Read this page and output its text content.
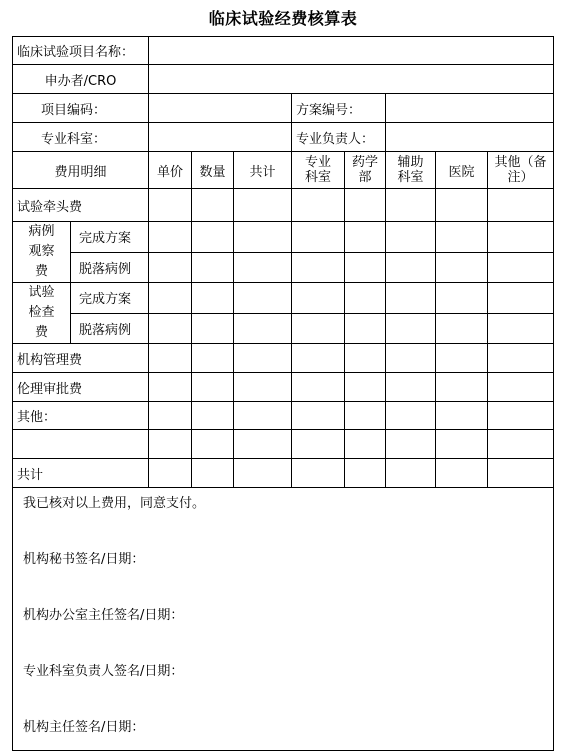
临床试验经费核算表
临床试验项目名称：									
申办者/CRO									
项目编码：					方案编号：				
专业科室：					专业负责人：				
费用明细		单价	数量	共计	专业科室	药学部	辅助科室	医院	其他（备注）
试验牵头费									
病例观察费	完成方案								
	脱落病例								
试验检查费	完成方案								
	脱落病例								
机构管理费									
伦理审批费									
其他：									

共计									

我已核对以上费用，同意支付。
机构秘书签名/日期：
机构办公室主任签名/日期：
专业科室负责人签名/日期：
机构主任签名/日期：									
